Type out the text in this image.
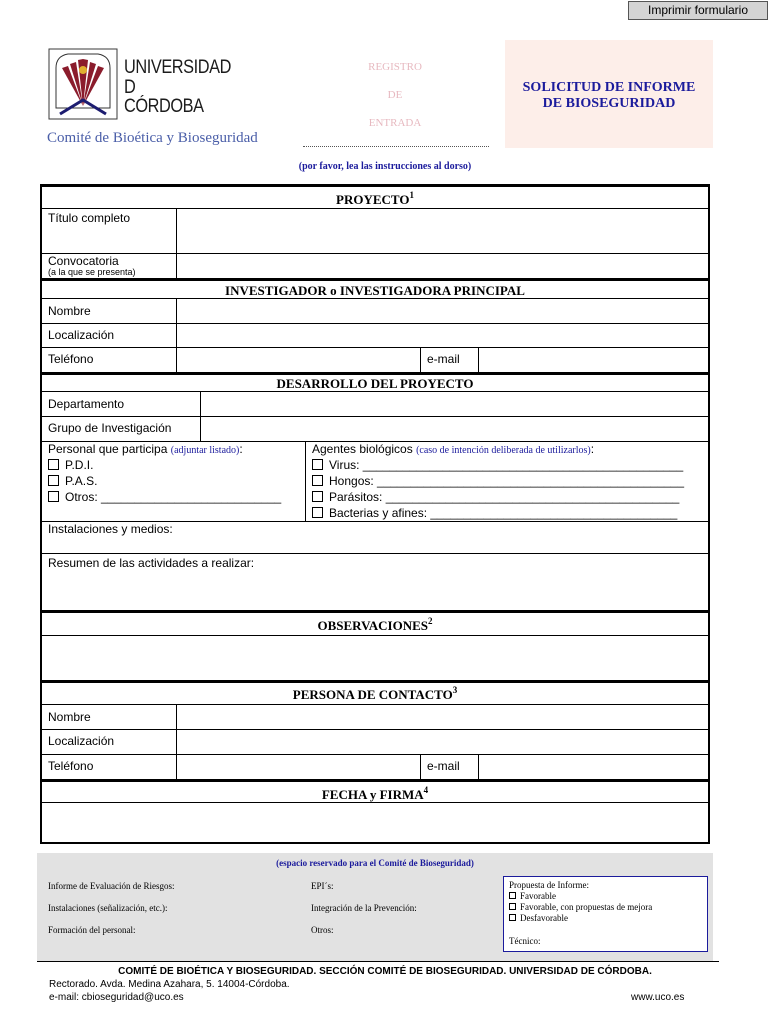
Imprimir formulario
UNIVERSIDAD
D
CÓRDOBA
Comité de Bioética y Bioseguridad
REGISTRO
DE
ENTRADA
SOLICITUD DE INFORME
DE BIOSEGURIDAD
(por favor, lea las instrucciones al dorso)
PROYECTO$^1$
Título completo
Convocatoria
(a la que se presenta)
INVESTIGADOR o INVESTIGADORA PRINCIPAL
Nombre
Localización
Teléfono	e-mail
DESARROLLO DEL PROYECTO
Departamento
Grupo de Investigación
Personal que participa (adjuntar listado):
P.D.I.
P.A.S.
Otros: ___________________________
Agentes biológicos (caso de intención deliberada de utilizarlos):
Virus: ________________________________________________
Hongos: ______________________________________________
Parásitos: ____________________________________________
Bacterias y afines: _____________________________________
Instalaciones y medios:
Resumen de las actividades a realizar:
OBSERVACIONES$^2$
PERSONA DE CONTACTO$^3$
Nombre
Localización
Teléfono	e-mail
FECHA y FIRMA$^4$
(espacio reservado para el Comité de Bioseguridad)
Informe de Evaluación de Riesgos:
Instalaciones (señalización, etc.):
Formación del personal:
EPI´s:
Integración de la Prevención:
Otros:
Propuesta de Informe:
Favorable
Favorable, con propuestas de mejora
Desfavorable
Técnico:
COMITÉ DE BIOÉTICA Y BIOSEGURIDAD. SECCIÓN COMITÉ DE BIOSEGURIDAD. UNIVERSIDAD DE CÓRDOBA.
Rectorado. Avda. Medina Azahara, 5. 14004-Córdoba.
e-mail: cbioseguridad@uco.es	www.uco.es
